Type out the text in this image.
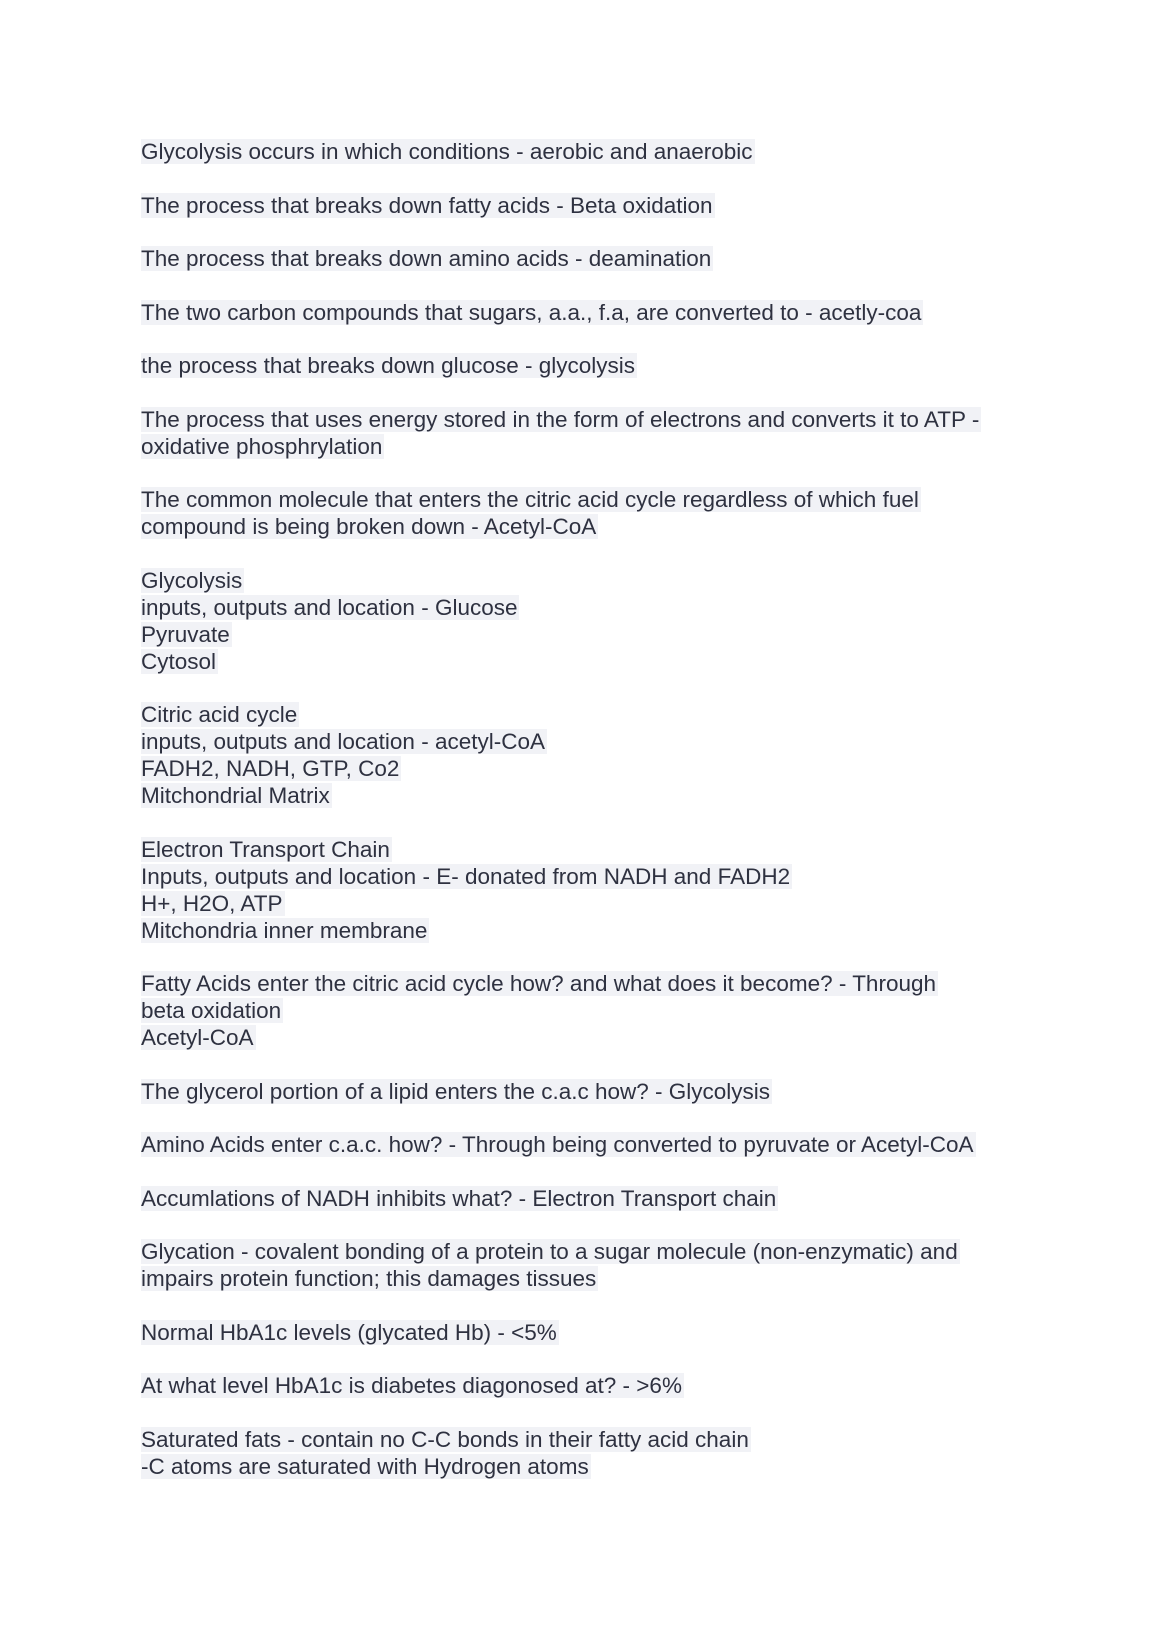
Glycolysis occurs in which conditions - aerobic and anaerobic
The process that breaks down fatty acids - Beta oxidation
The process that breaks down amino acids - deamination
The two carbon compounds that sugars, a.a., f.a, are converted to - acetly-coa
the process that breaks down glucose - glycolysis
The process that uses energy stored in the form of electrons and converts it to ATP -
oxidative phosphrylation
The common molecule that enters the citric acid cycle regardless of which fuel
compound is being broken down - Acetyl-CoA
Glycolysis
inputs, outputs and location - Glucose
Pyruvate
Cytosol
Citric acid cycle
inputs, outputs and location - acetyl-CoA
FADH2, NADH, GTP, Co2
Mitchondrial Matrix
Electron Transport Chain
Inputs, outputs and location - E- donated from NADH and FADH2
H+, H2O, ATP
Mitchondria inner membrane
Fatty Acids enter the citric acid cycle how? and what does it become? - Through
beta oxidation
Acetyl-CoA
The glycerol portion of a lipid enters the c.a.c how? - Glycolysis
Amino Acids enter c.a.c. how? - Through being converted to pyruvate or Acetyl-CoA
Accumlations of NADH inhibits what? - Electron Transport chain
Glycation - covalent bonding of a protein to a sugar molecule (non-enzymatic) and
impairs protein function; this damages tissues
Normal HbA1c levels (glycated Hb) - <5%
At what level HbA1c is diabetes diagonosed at? - >6%
Saturated fats - contain no C-C bonds in their fatty acid chain
-C atoms are saturated with Hydrogen atoms
